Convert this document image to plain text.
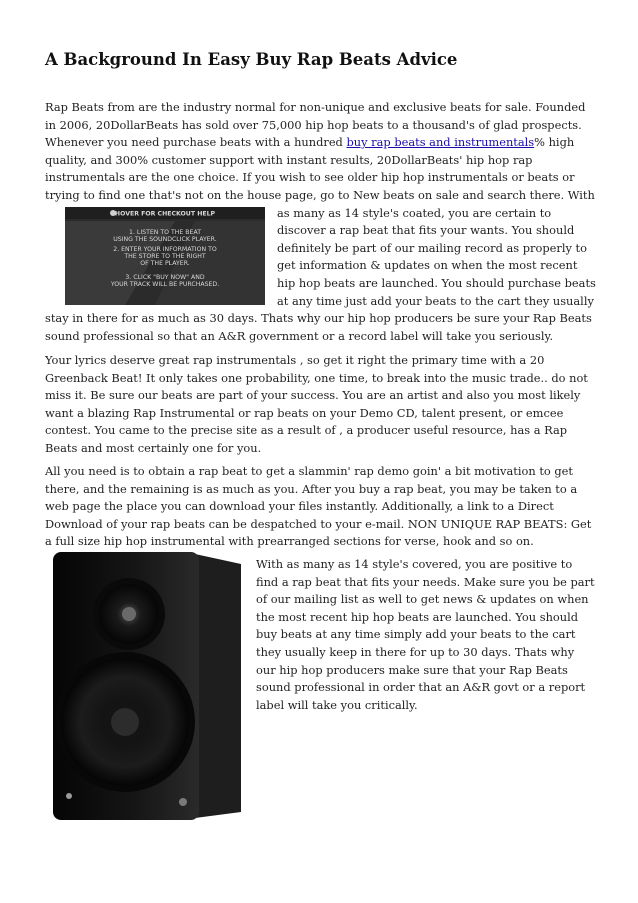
A Background In Easy Buy Rap Beats Advice

Rap Beats from are the industry normal for non-unique and exclusive beats for sale. Founded in 2006, 20DollarBeats has sold over 75,000 hip hop beats to a thousand's of glad prospects. Whenever you need purchase beats with a hundred buy rap beats and instrumentals% high quality, and 300% customer support with instant results, 20DollarBeats' hip hop rap instrumentals are the one choice. If you wish to see older hip hop instrumentals or beats or trying to find one that's not on the house page, go to New beats on sale and search there.
HOVER FOR CHECKOUT HELP
1. LISTEN TO THE BEAT
USING THE SOUNDCLICK PLAYER.
2. ENTER YOUR INFORMATION TO
THE STORE TO THE RIGHT
OF THE PLAYER.
3. CLICK "BUY NOW" AND
YOUR TRACK WILL BE PURCHASED.
With as many as 14 style's coated, you are certain to discover a rap beat that fits your wants. You should definitely be part of our mailing record as properly to get information & updates on when the most recent hip hop beats are launched. You should purchase beats at any time just add your beats to the cart they usually stay in there for as much as 30 days. Thats why our hip hop producers be sure your Rap Beats sound professional so that an A&R government or a record label will take you seriously.

Your lyrics deserve great rap instrumentals , so get it right the primary time with a 20 Greenback Beat! It only takes one probability, one time, to break into the music trade.. do not miss it. Be sure our beats are part of your success. You are an artist and also you most likely want a blazing Rap Instrumental or rap beats on your Demo CD, talent present, or emcee contest. You came to the precise site as a result of , a producer useful resource, has a Rap Beats and most certainly one for you.

All you need is to obtain a rap beat to get a slammin' rap demo goin' a bit motivation to get there, and the remaining is as much as you. After you buy a rap beat, you may be taken to a web page the place you can download your files instantly. Additionally, a link to a Direct Download of your rap beats can be despatched to your e-mail. NON UNIQUE RAP BEATS: Get a full size hip hop instrumental with prearranged sections for verse, hook and so on.

With as many as 14 style's covered, you are positive to find a rap beat that fits your needs. Make sure you be part of our mailing list as well to get news & updates on when the most recent hip hop beats are launched. You should buy beats at any time simply add your beats to the cart they usually keep in there for up to 30 days. Thats why our hip hop producers make sure that your Rap Beats sound professional in order that an A&R govt or a report label will take you critically.
